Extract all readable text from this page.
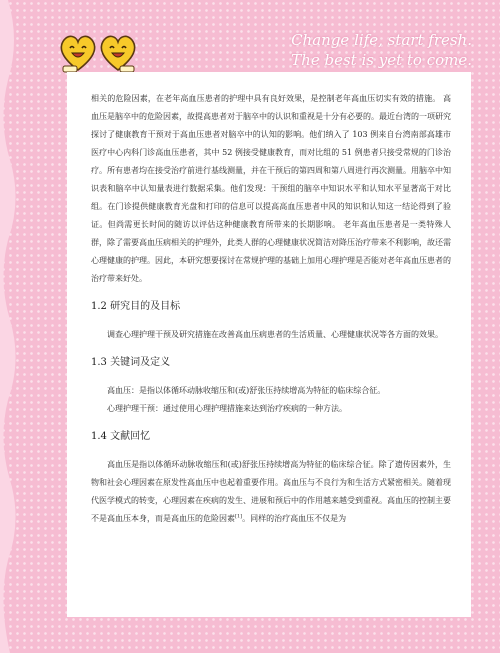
Change life, start fresh.
The best is yet to come.

相关的危险因素，在老年高血压患者的护理中具有良好效果，是控制老年高血压切实有效的措施。 高血压是脑卒中的危险因素，故提高患者对于脑卒中的认识和重视是十分有必要的。最近台湾的一项研究探讨了健康教育干预对于高血压患者对脑卒中的认知的影响。他们纳入了 103 例来自台湾南部高雄市医疗中心内科门诊高血压患者，其中 52 例接受健康教育，而对比组的 51 例患者只接受常规的门诊治疗。所有患者均在接受治疗前进行基线测量，并在干预后的第四周和第八周进行再次测量。用脑卒中知识表和脑卒中认知量表进行数据采集。他们发现：干预组的脑卒中知识水平和认知水平显著高于对比组。在门诊提供健康教育光盘和打印的信息可以提高高血压患者中风的知识和认知这一结论得到了验证。但尚需更长时间的随访以评估这种健康教育所带来的长期影响。 老年高血压患者是一类特殊人群，除了需要高血压病相关的护理外，此类人群的心理健康状况简洁对降压治疗带来不利影响，故还需心理健康的护理。因此，本研究想要探讨在常规护理的基础上加用心理护理是否能对老年高血压患者的治疗带来好处。

1.2 研究目的及目标

调查心理护理干预及研究措施在改善高血压病患者的生活质量、心理健康状况等各方面的效果。

1.3 关键词及定义

高血压：是指以体循环动脉收缩压和(或)舒张压持续增高为特征的临床综合征。

心理护理干预：通过使用心理护理措施来达到治疗疾病的一种方法。

1.4 文献回忆

高血压是指以体循环动脉收缩压和(或)舒张压持续增高为特征的临床综合征。除了遗传因素外，生物和社会心理因素在原发性高血压中也起着重要作用。高血压与不良行为和生活方式紧密相关。随着现代医学模式的转变，心理因素在疾病的发生、进展和预后中的作用越来越受到重视。高血压的控制主要不是高血压本身，而是高血压的危险因素[1]。同样的治疗高血压不仅是为
